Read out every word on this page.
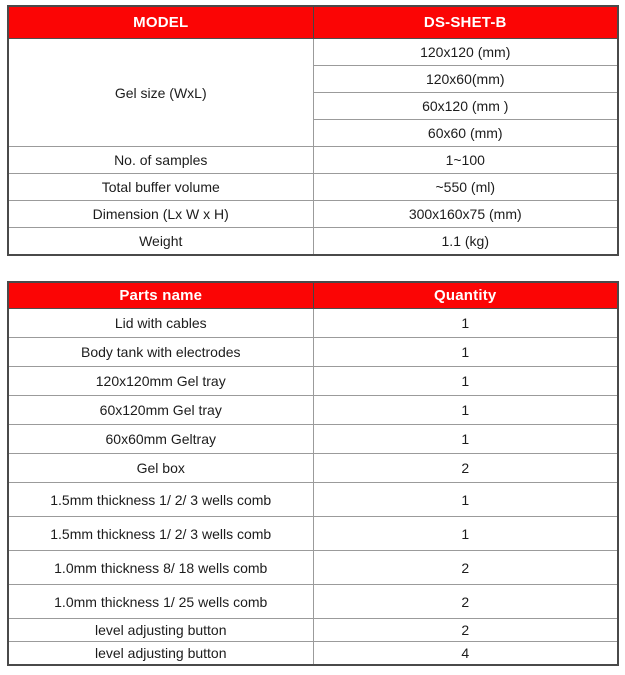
MODEL	DS-SHET-B
Gel size (WxL)	120x120 (mm)
	120x60(mm)
	60x120 (mm )
	60x60 (mm)
No. of samples	1~100
Total buffer volume	~550 (ml)
Dimension (Lx W x H)	300x160x75 (mm)
Weight	1.1 (kg)
Parts name	Quantity
Lid with cables	1
Body tank with electrodes	1
120x120mm Gel tray	1
60x120mm Gel tray	1
60x60mm Geltray	1
Gel box	2
1.5mm thickness 1/ 2/ 3 wells comb	1
1.5mm thickness 1/ 2/ 3 wells comb	1
1.0mm thickness 8/ 18 wells comb	2
1.0mm thickness 1/ 25 wells comb	2
level adjusting button	2
level adjusting button	4
